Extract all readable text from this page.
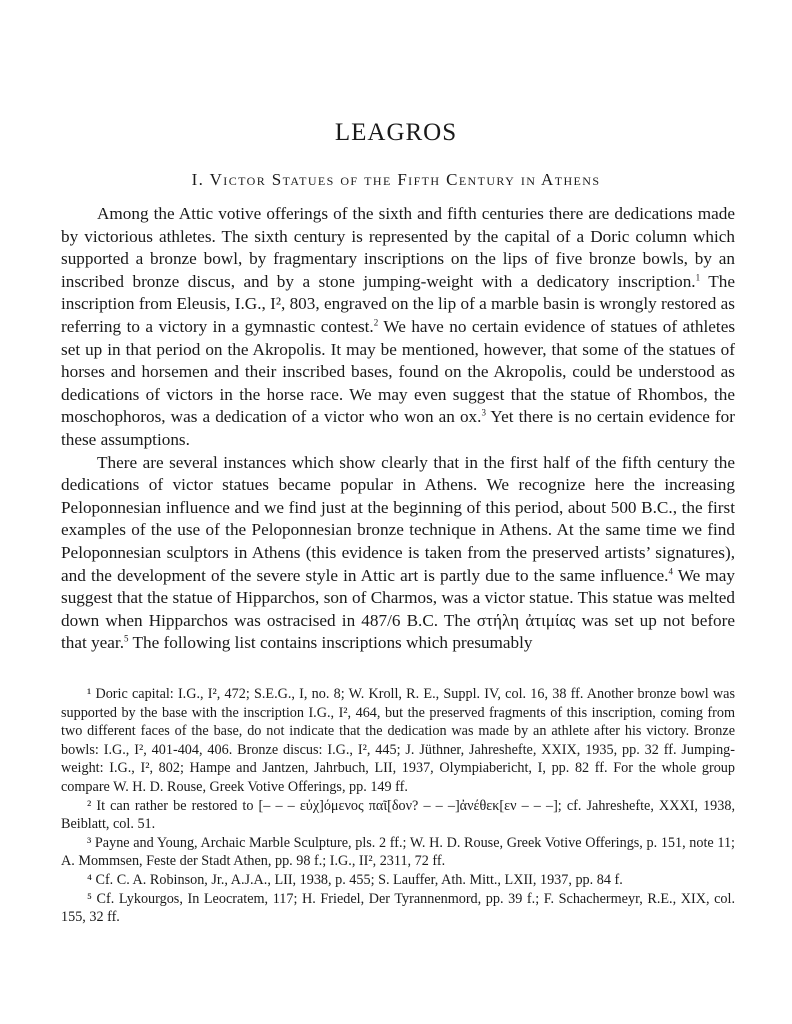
LEAGROS
I. Victor Statues of the Fifth Century in Athens

Among the Attic votive offerings of the sixth and fifth centuries there are dedications made by victorious athletes. The sixth century is represented by the capital of a Doric column which supported a bronze bowl, by fragmentary inscriptions on the lips of five bronze bowls, by an inscribed bronze discus, and by a stone jumping-weight with a dedicatory inscription.$^1$ The inscription from Eleusis, I.G., I², 803, engraved on the lip of a marble basin is wrongly restored as referring to a victory in a gymnastic contest.$^2$ We have no certain evidence of statues of athletes set up in that period on the Akropolis. It may be mentioned, however, that some of the statues of horses and horsemen and their inscribed bases, found on the Akropolis, could be understood as dedications of victors in the horse race. We may even suggest that the statue of Rhombos, the moschophoros, was a dedication of a victor who won an ox.$^3$ Yet there is no certain evidence for these assumptions.

There are several instances which show clearly that in the first half of the fifth century the dedications of victor statues became popular in Athens. We recognize here the increasing Peloponnesian influence and we find just at the beginning of this period, about 500 B.C., the first examples of the use of the Peloponnesian bronze technique in Athens. At the same time we find Peloponnesian sculptors in Athens (this evidence is taken from the preserved artists’ signatures), and the development of the severe style in Attic art is partly due to the same influence.$^4$ We may suggest that the statue of Hipparchos, son of Charmos, was a victor statue. This statue was melted down when Hipparchos was ostracised in 487/6 B.C. The στήλη ἀτιμίας was set up not before that year.$^5$ The following list contains inscriptions which presumably

¹ Doric capital: I.G., I², 472; S.E.G., I, no. 8; W. Kroll, R. E., Suppl. IV, col. 16, 38 ff. Another bronze bowl was supported by the base with the inscription I.G., I², 464, but the preserved fragments of this inscription, coming from two different faces of the base, do not indicate that the dedication was made by an athlete after his victory. Bronze bowls: I.G., I², 401-404, 406. Bronze discus: I.G., I², 445; J. Jüthner, Jahreshefte, XXIX, 1935, pp. 32 ff. Jumping-weight: I.G., I², 802; Hampe and Jantzen, Jahrbuch, LII, 1937, Olympiabericht, I, pp. 82 ff. For the whole group compare W. H. D. Rouse, Greek Votive Offerings, pp. 149 ff.

² It can rather be restored to [– – – εὐχ]όμενος παῖ[δον? – – –]ἀνέθεκ[εν – – –]; cf. Jahreshefte, XXXI, 1938, Beiblatt, col. 51.

³ Payne and Young, Archaic Marble Sculpture, pls. 2 ff.; W. H. D. Rouse, Greek Votive Offerings, p. 151, note 11; A. Mommsen, Feste der Stadt Athen, pp. 98 f.; I.G., II², 2311, 72 ff.

⁴ Cf. C. A. Robinson, Jr., A.J.A., LII, 1938, p. 455; S. Lauffer, Ath. Mitt., LXII, 1937, pp. 84 f.

⁵ Cf. Lykourgos, In Leocratem, 117; H. Friedel, Der Tyrannenmord, pp. 39 f.; F. Schachermeyr, R.E., XIX, col. 155, 32 ff.
